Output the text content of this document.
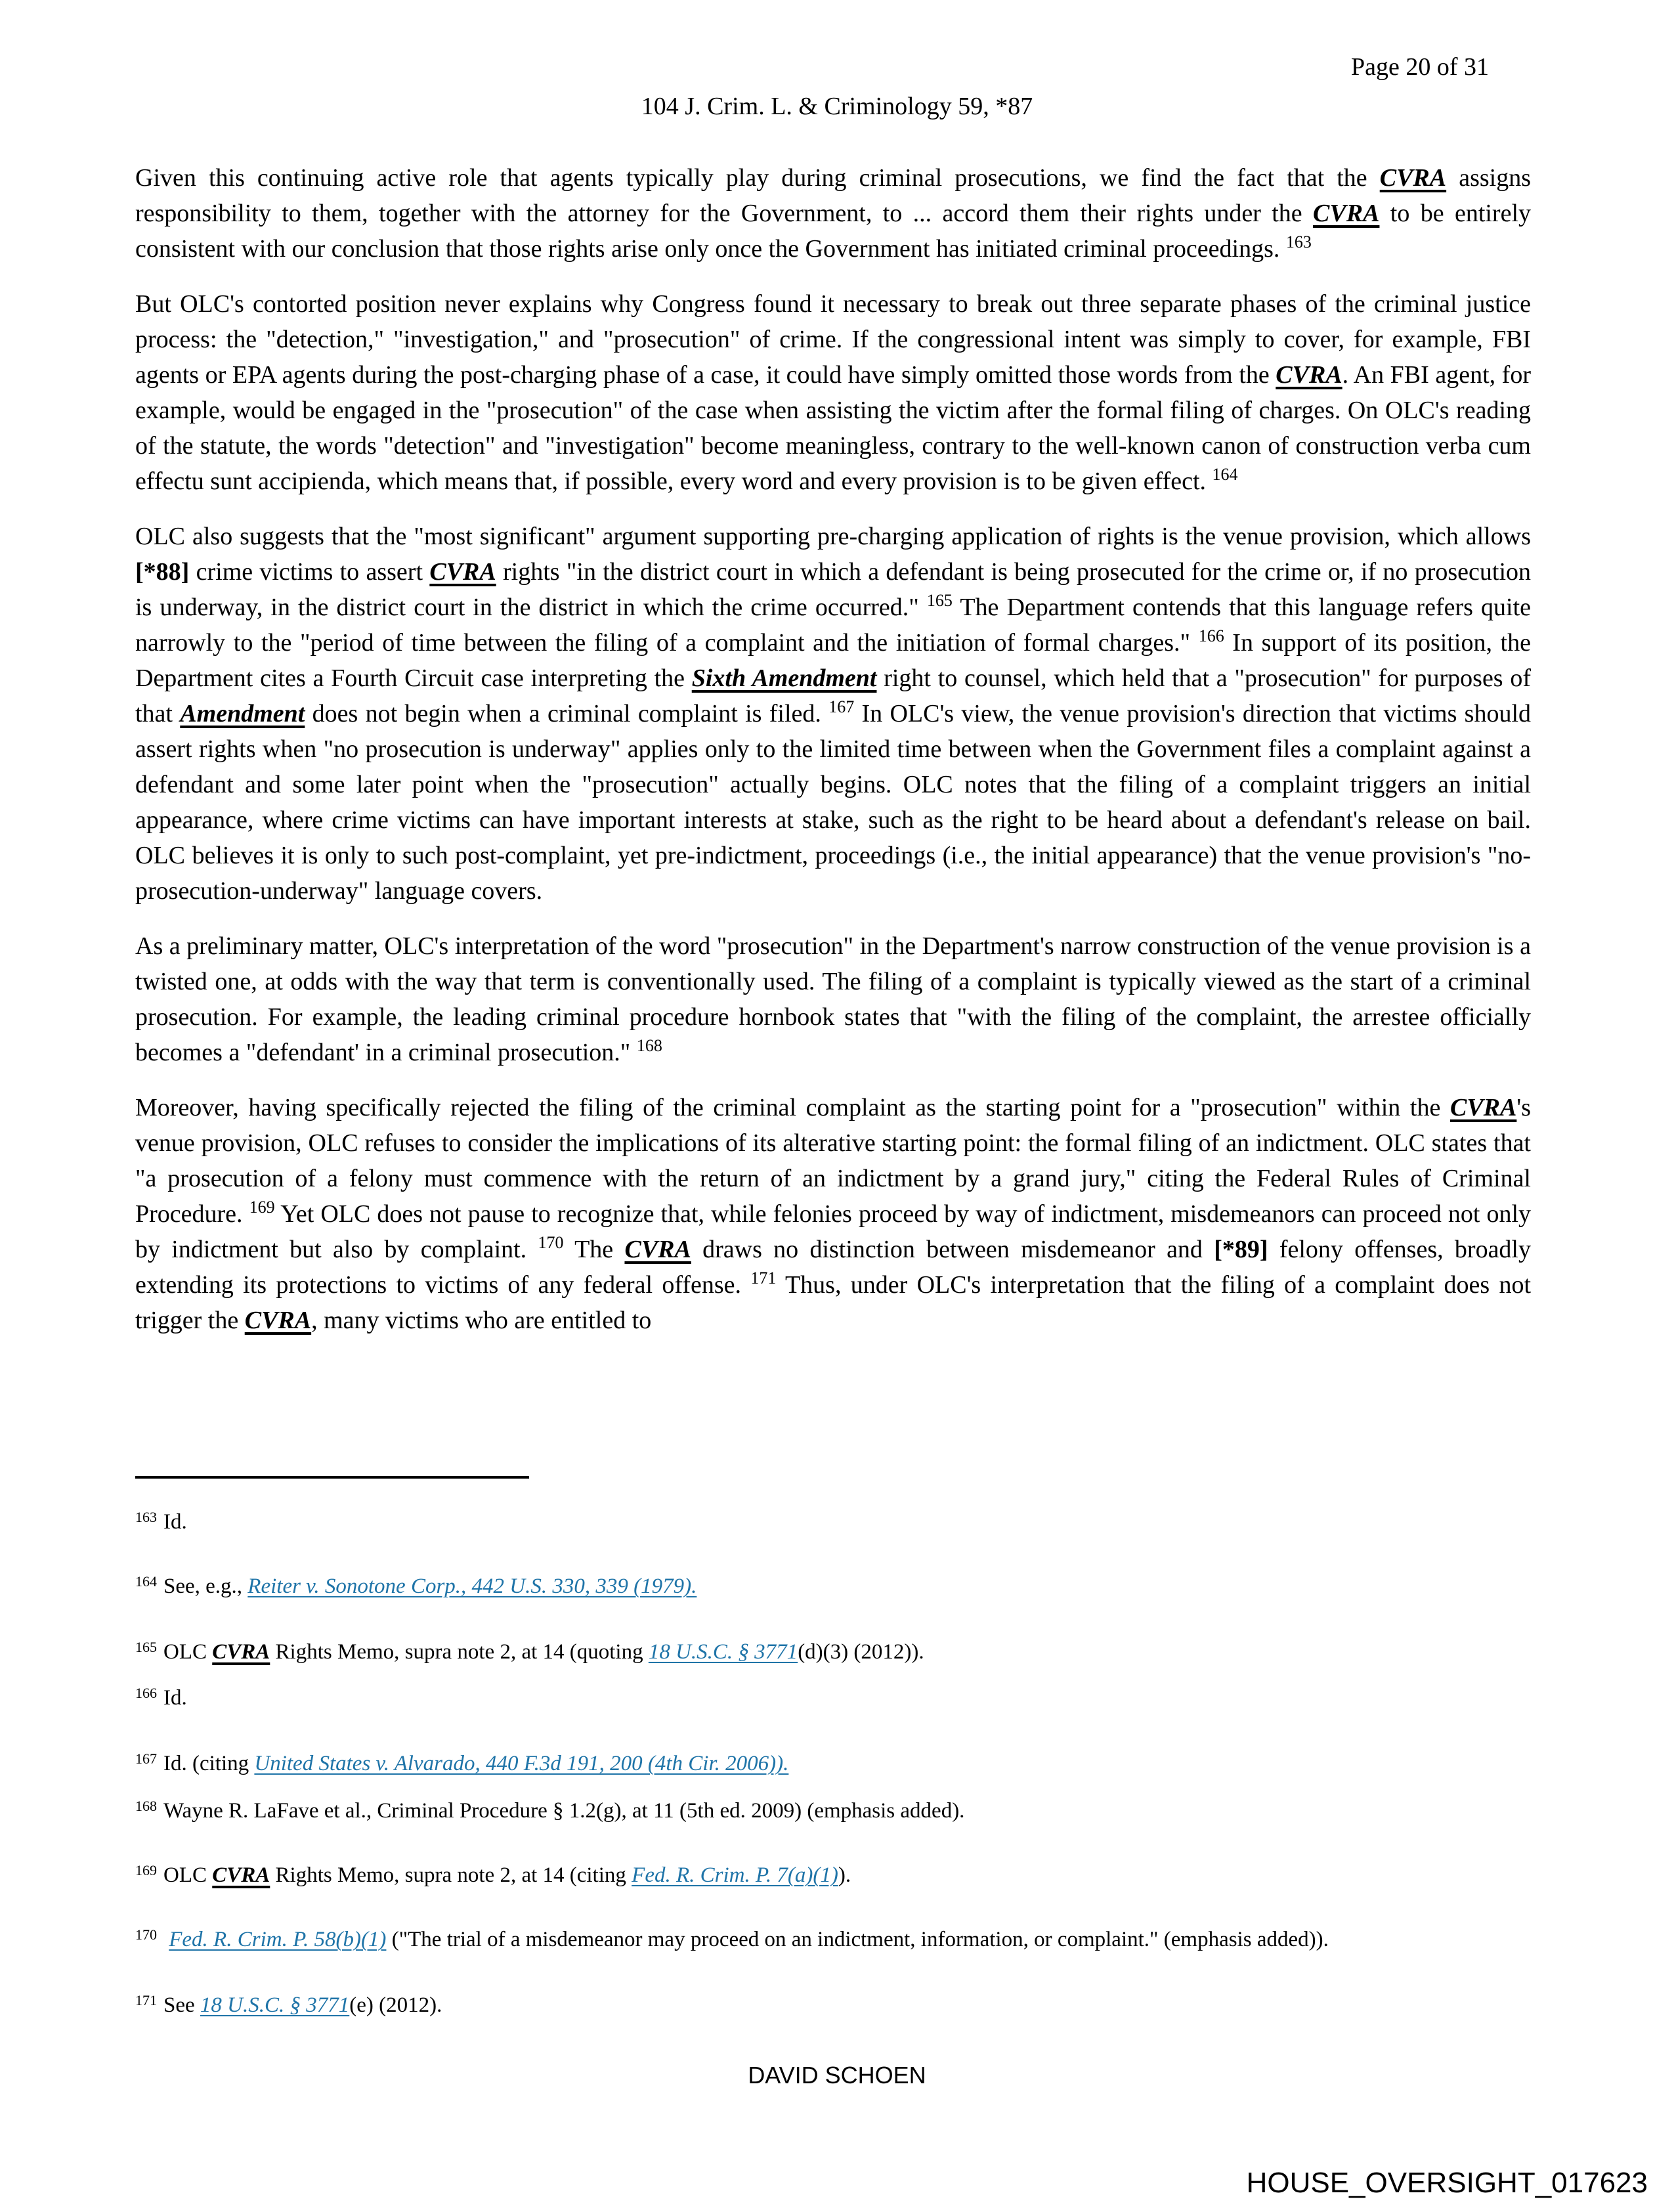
Page 20 of 31
104 J. Crim. L. & Criminology 59, *87

Given this continuing active role that agents typically play during criminal prosecutions, we find the fact that the CVRA assigns responsibility to them, together with the attorney for the Government, to ... accord them their rights under the CVRA to be entirely consistent with our conclusion that those rights arise only once the Government has initiated criminal proceedings. $^{163}$

But OLC's contorted position never explains why Congress found it necessary to break out three separate phases of the criminal justice process: the "detection," "investigation," and "prosecution" of crime. If the congressional intent was simply to cover, for example, FBI agents or EPA agents during the post-charging phase of a case, it could have simply omitted those words from the CVRA. An FBI agent, for example, would be engaged in the "prosecution" of the case when assisting the victim after the formal filing of charges. On OLC's reading of the statute, the words "detection" and "investigation" become meaningless, contrary to the well-known canon of construction verba cum effectu sunt accipienda, which means that, if possible, every word and every provision is to be given effect. $^{164}$

OLC also suggests that the "most significant" argument supporting pre-charging application of rights is the venue provision, which allows [*88] crime victims to assert CVRA rights "in the district court in which a defendant is being prosecuted for the crime or, if no prosecution is underway, in the district court in the district in which the crime occurred." $^{165}$ The Department contends that this language refers quite narrowly to the "period of time between the filing of a complaint and the initiation of formal charges." $^{166}$ In support of its position, the Department cites a Fourth Circuit case interpreting the Sixth Amendment right to counsel, which held that a "prosecution" for purposes of that Amendment does not begin when a criminal complaint is filed. $^{167}$ In OLC's view, the venue provision's direction that victims should assert rights when "no prosecution is underway" applies only to the limited time between when the Government files a complaint against a defendant and some later point when the "prosecution" actually begins. OLC notes that the filing of a complaint triggers an initial appearance, where crime victims can have important interests at stake, such as the right to be heard about a defendant's release on bail. OLC believes it is only to such post-complaint, yet pre-indictment, proceedings (i.e., the initial appearance) that the venue provision's "no-prosecution-underway" language covers.

As a preliminary matter, OLC's interpretation of the word "prosecution" in the Department's narrow construction of the venue provision is a twisted one, at odds with the way that term is conventionally used. The filing of a complaint is typically viewed as the start of a criminal prosecution. For example, the leading criminal procedure hornbook states that "with the filing of the complaint, the arrestee officially becomes a "defendant' in a criminal prosecution." $^{168}$

Moreover, having specifically rejected the filing of the criminal complaint as the starting point for a "prosecution" within the CVRA's venue provision, OLC refuses to consider the implications of its alterative starting point: the formal filing of an indictment. OLC states that "a prosecution of a felony must commence with the return of an indictment by a grand jury," citing the Federal Rules of Criminal Procedure. $^{169}$ Yet OLC does not pause to recognize that, while felonies proceed by way of indictment, misdemeanors can proceed not only by indictment but also by complaint. $^{170}$ The CVRA draws no distinction between misdemeanor and [*89] felony offenses, broadly extending its protections to victims of any federal offense. $^{171}$ Thus, under OLC's interpretation that the filing of a complaint does not trigger the CVRA, many victims who are entitled to

$^{163}$ Id.
$^{164}$ See, e.g., Reiter v. Sonotone Corp., 442 U.S. 330, 339 (1979).
$^{165}$ OLC CVRA Rights Memo, supra note 2, at 14 (quoting 18 U.S.C. § 3771(d)(3) (2012)).
$^{166}$ Id.
$^{167}$ Id. (citing United States v. Alvarado, 440 F.3d 191, 200 (4th Cir. 2006)).
$^{168}$ Wayne R. LaFave et al., Criminal Procedure § 1.2(g), at 11 (5th ed. 2009) (emphasis added).
$^{169}$ OLC CVRA Rights Memo, supra note 2, at 14 (citing Fed. R. Crim. P. 7(a)(1)).
$^{170}$ Fed. R. Crim. P. 58(b)(1) ("The trial of a misdemeanor may proceed on an indictment, information, or complaint." (emphasis added)).
$^{171}$ See 18 U.S.C. § 3771(e) (2012).
DAVID SCHOEN
HOUSE_OVERSIGHT_017623
